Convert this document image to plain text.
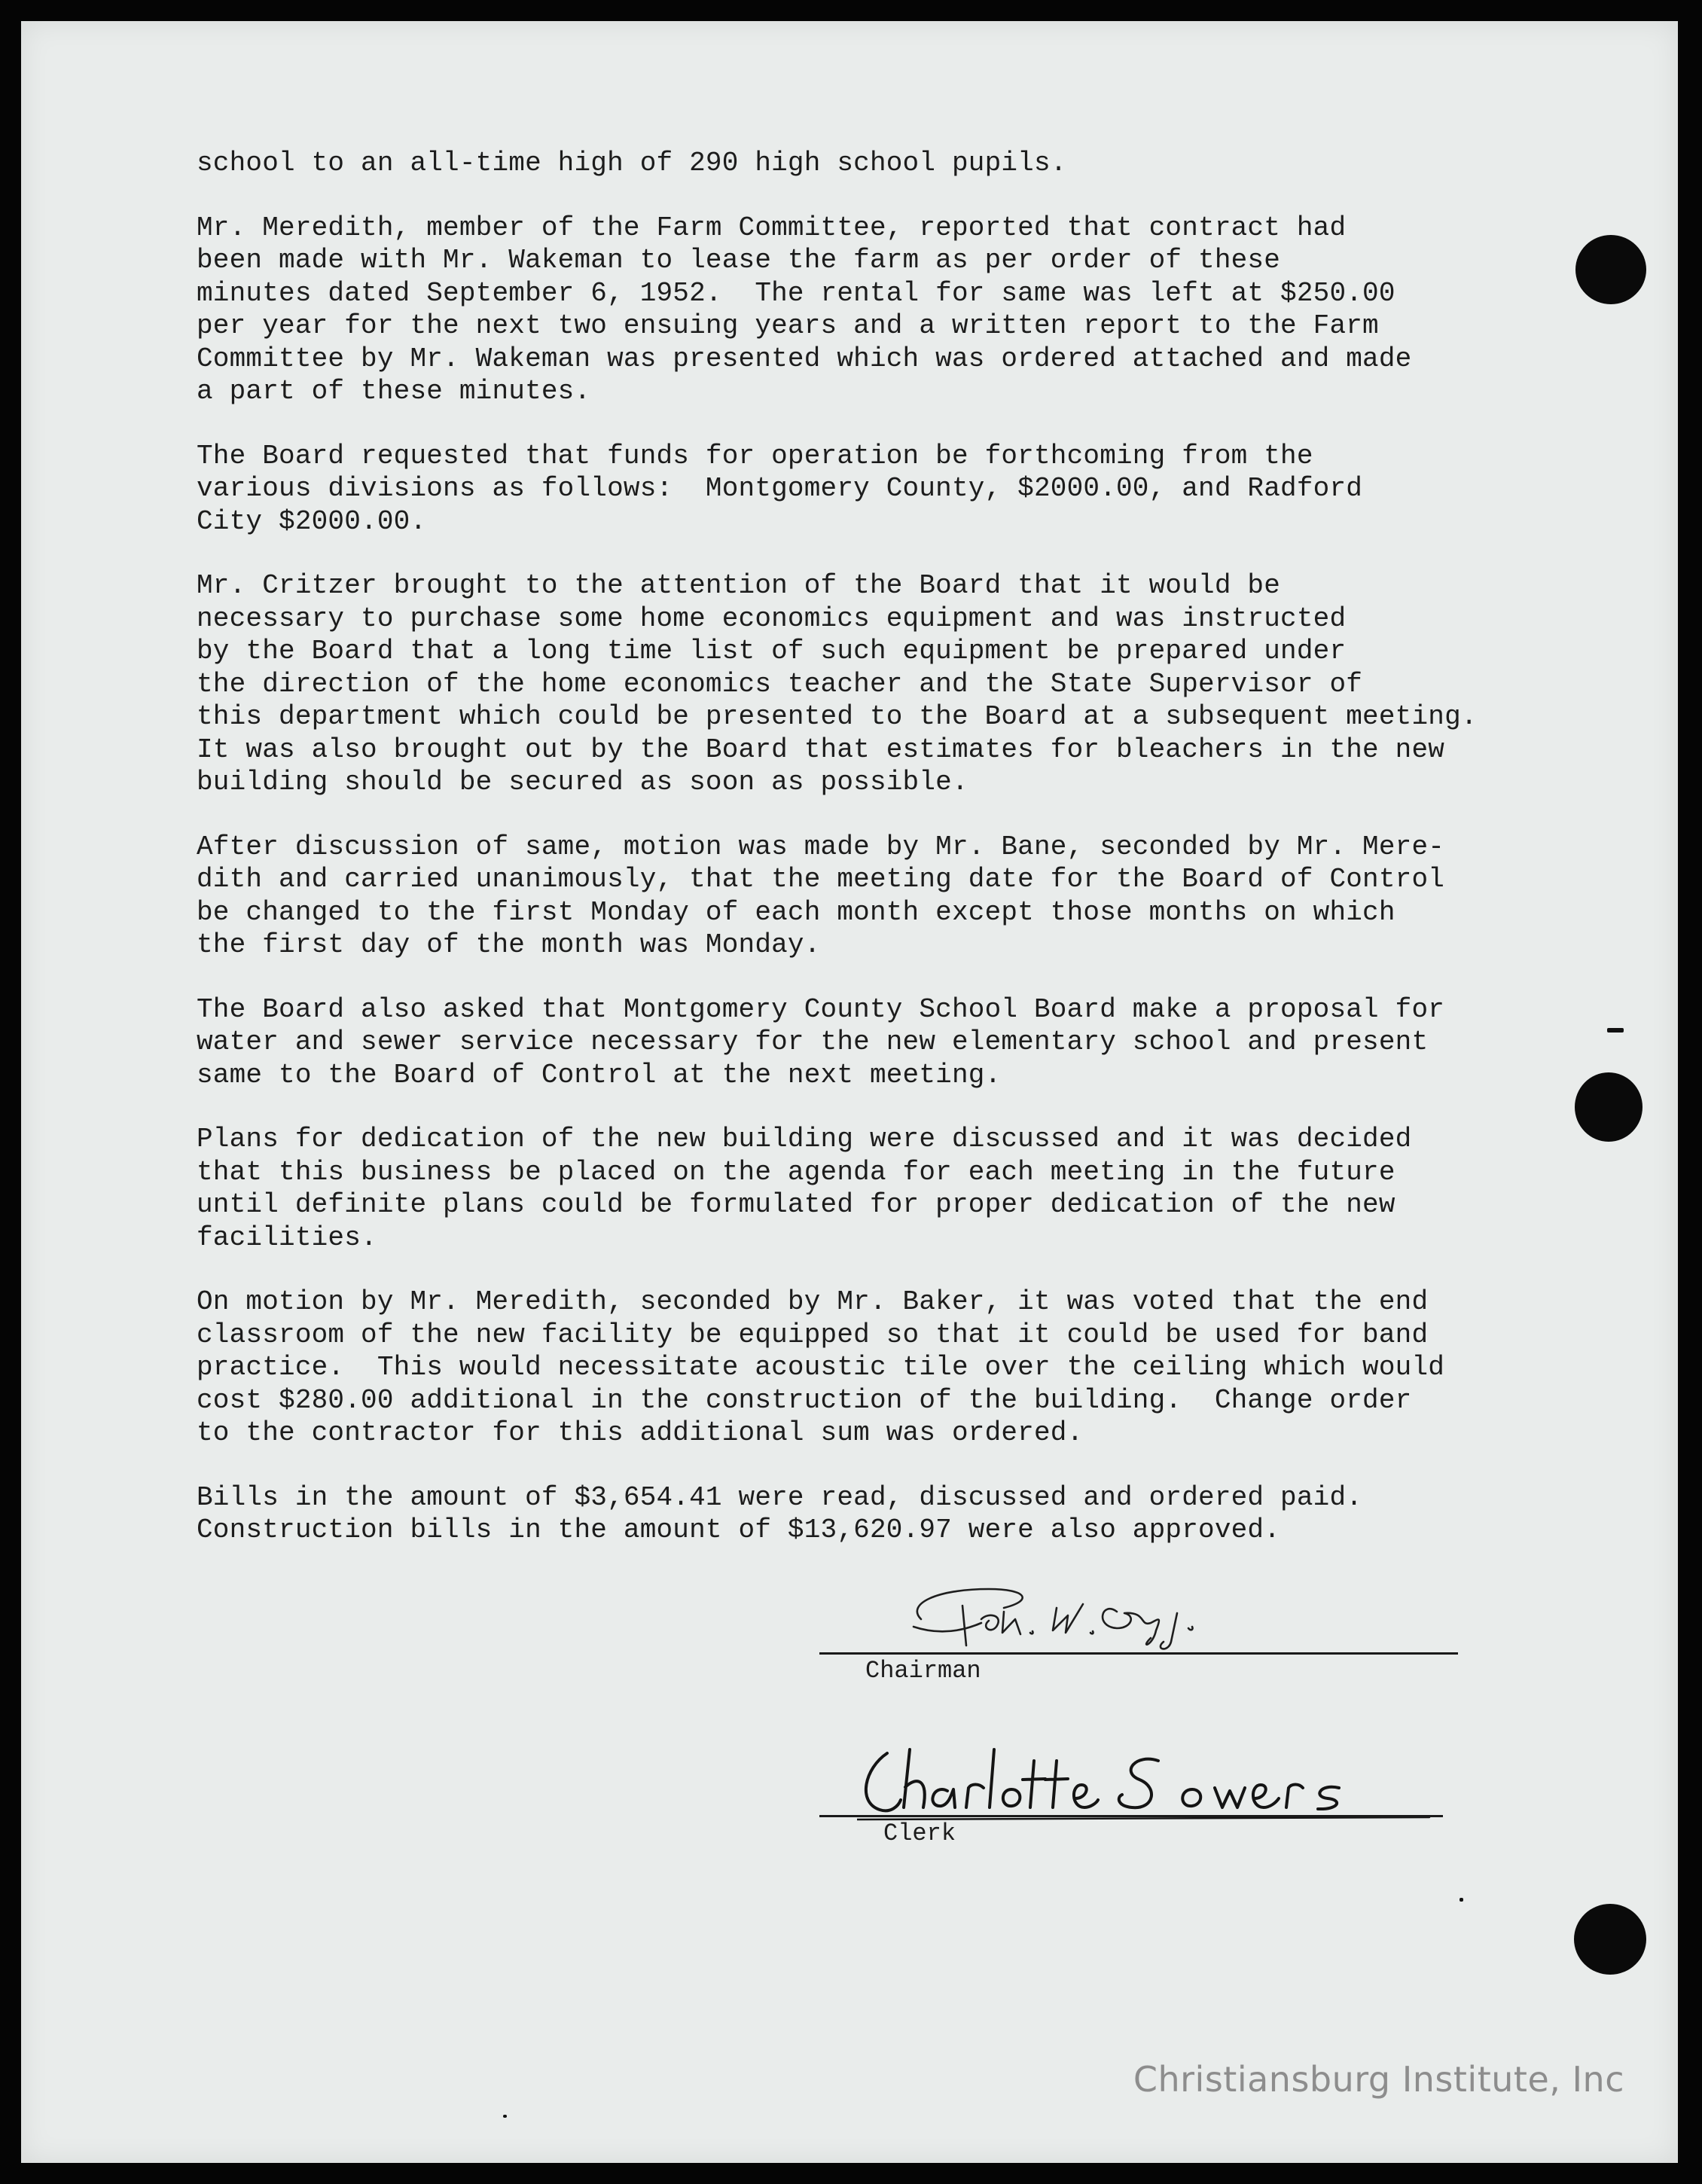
school to an all-time high of 290 high school pupils.

Mr. Meredith, member of the Farm Committee, reported that contract had
been made with Mr. Wakeman to lease the farm as per order of these
minutes dated September 6, 1952.  The rental for same was left at $250.00
per year for the next two ensuing years and a written report to the Farm
Committee by Mr. Wakeman was presented which was ordered attached and made
a part of these minutes.

The Board requested that funds for operation be forthcoming from the
various divisions as follows:  Montgomery County, $2000.00, and Radford
City $2000.00.

Mr. Critzer brought to the attention of the Board that it would be
necessary to purchase some home economics equipment and was instructed
by the Board that a long time list of such equipment be prepared under
the direction of the home economics teacher and the State Supervisor of
this department which could be presented to the Board at a subsequent meeting.
It was also brought out by the Board that estimates for bleachers in the new
building should be secured as soon as possible.

After discussion of same, motion was made by Mr. Bane, seconded by Mr. Mere-
dith and carried unanimously, that the meeting date for the Board of Control
be changed to the first Monday of each month except those months on which
the first day of the month was Monday.

The Board also asked that Montgomery County School Board make a proposal for
water and sewer service necessary for the new elementary school and present
same to the Board of Control at the next meeting.

Plans for dedication of the new building were discussed and it was decided
that this business be placed on the agenda for each meeting in the future
until definite plans could be formulated for proper dedication of the new
facilities.

On motion by Mr. Meredith, seconded by Mr. Baker, it was voted that the end
classroom of the new facility be equipped so that it could be used for band
practice.  This would necessitate acoustic tile over the ceiling which would
cost $280.00 additional in the construction of the building.  Change order
to the contractor for this additional sum was ordered.

Bills in the amount of $3,654.41 were read, discussed and ordered paid.
Construction bills in the amount of $13,620.97 were also approved.

Chairman
Clerk
Christiansburg Institute, Inc
